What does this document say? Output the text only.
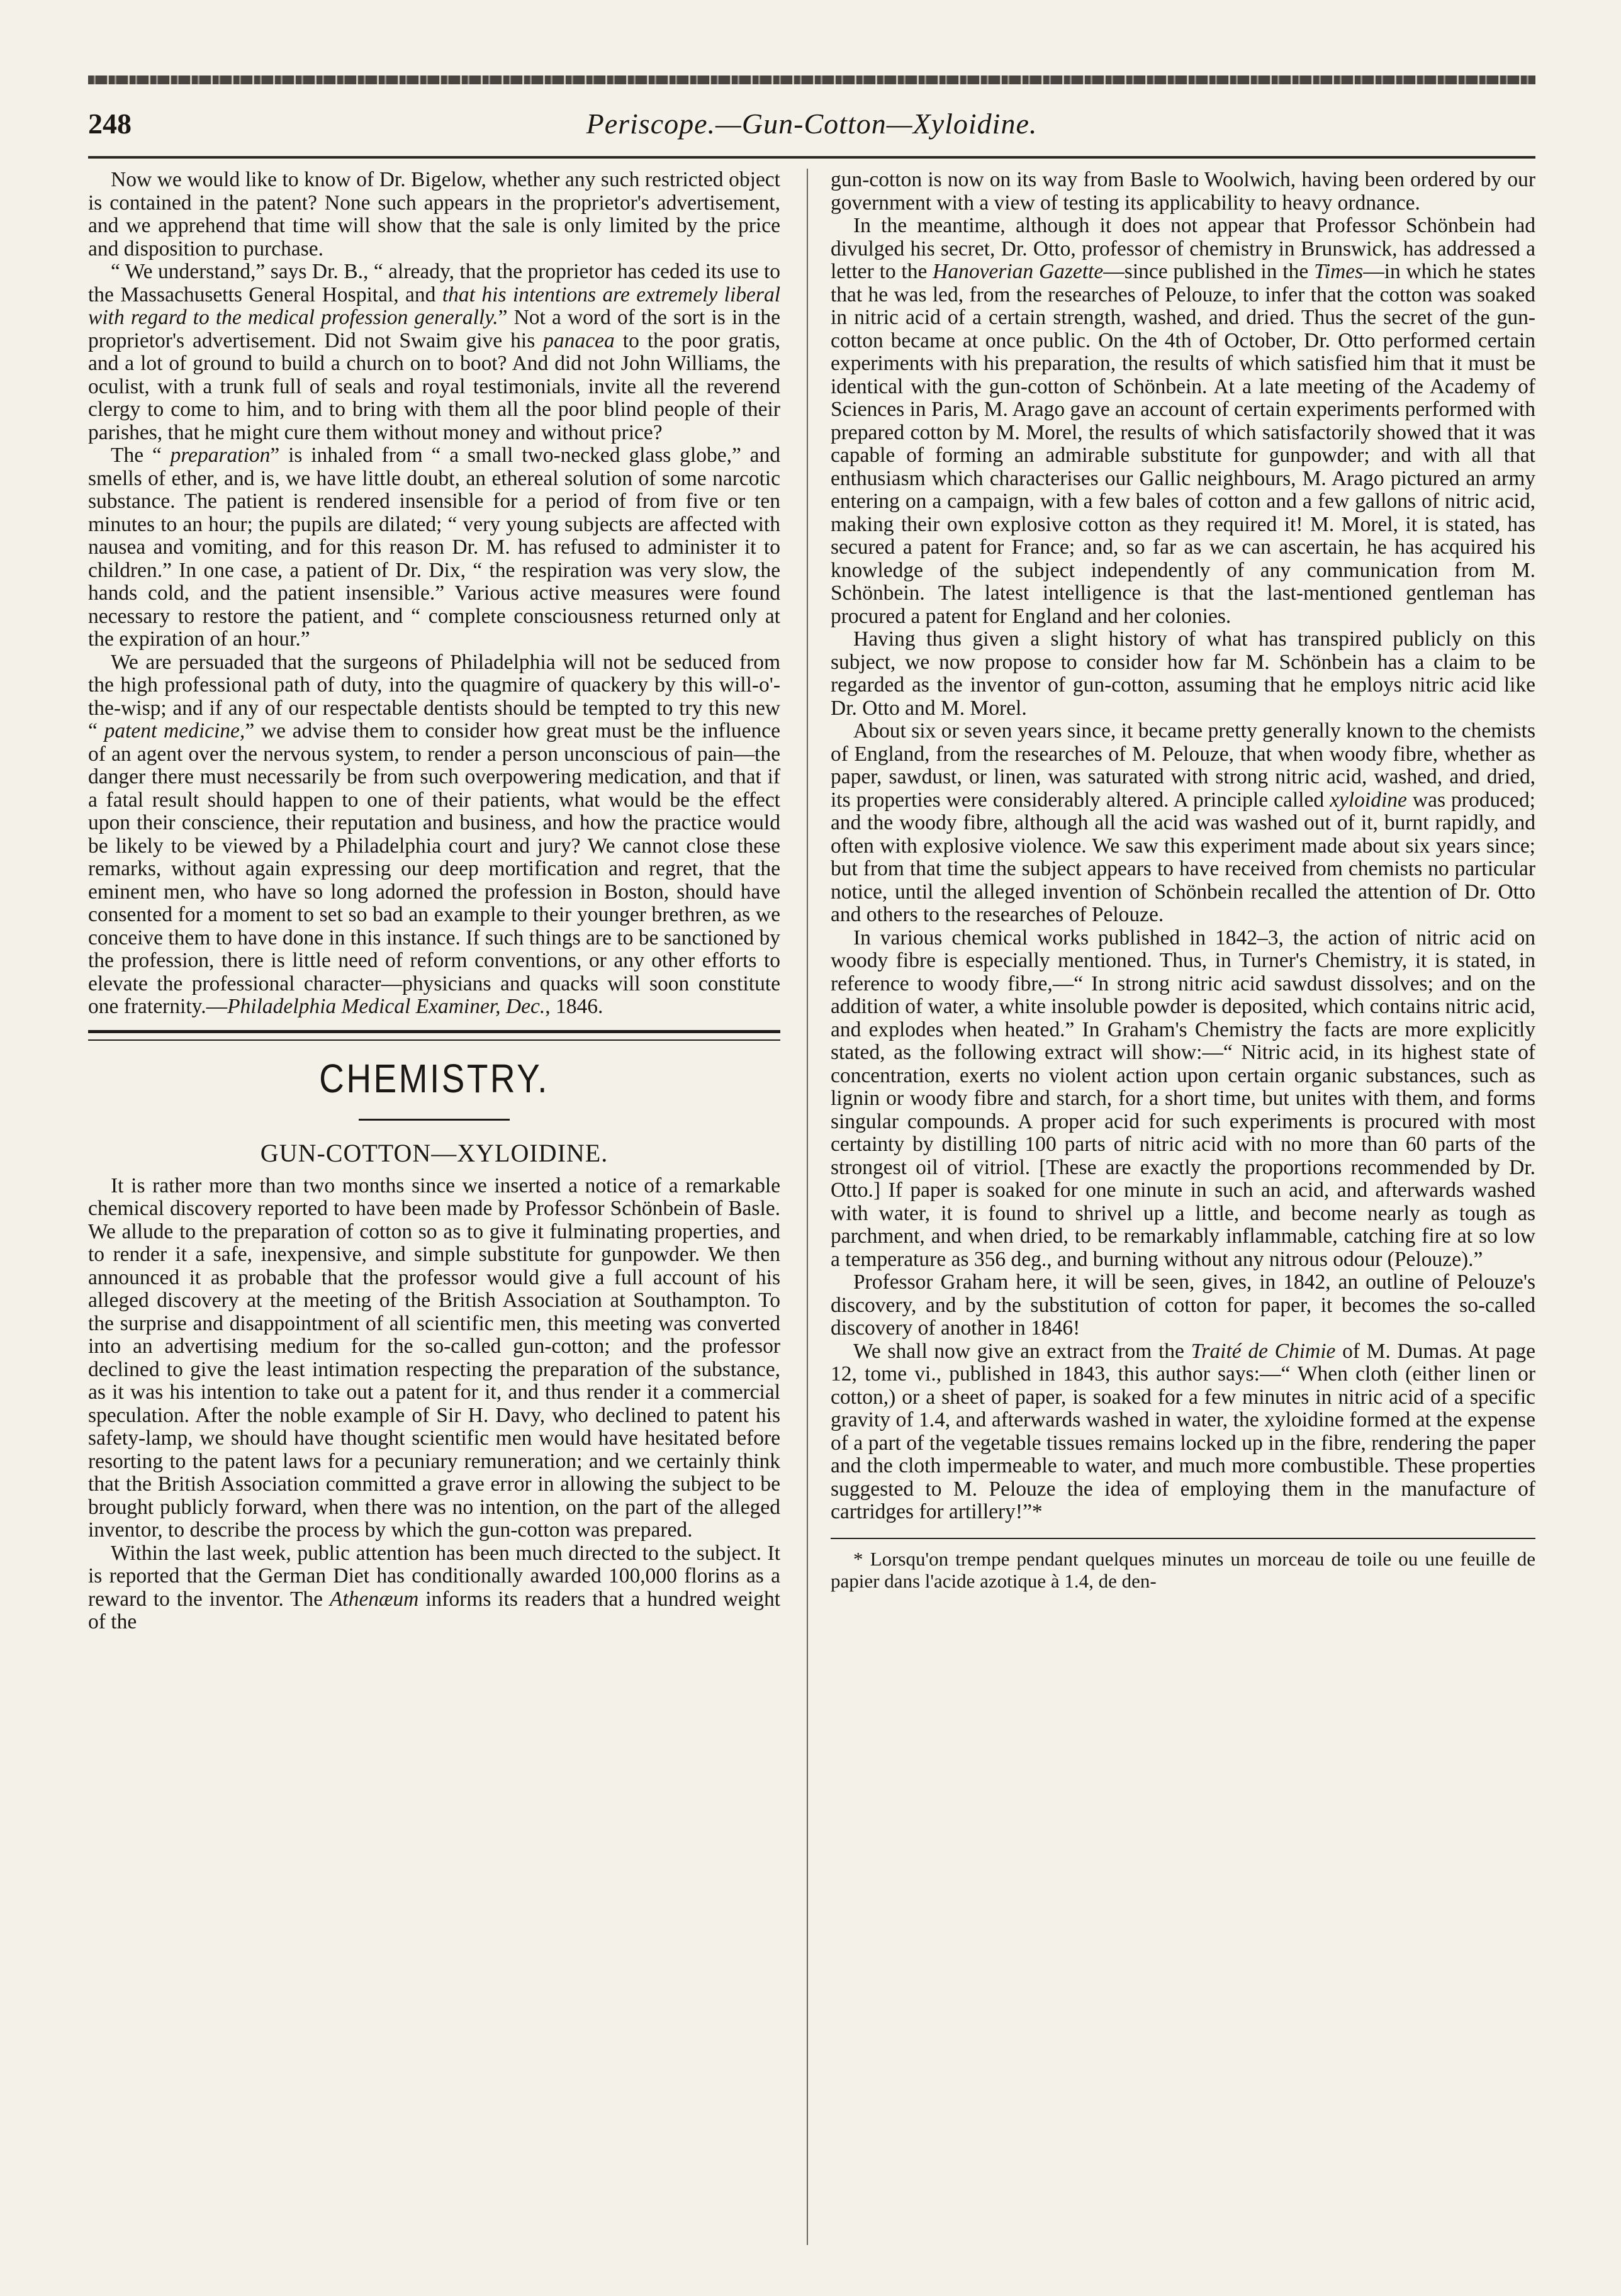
248	Periscope.—Gun-Cotton—Xyloidine.

Now we would like to know of Dr. Bigelow, whether any such restricted object is contained in the patent? None such appears in the proprietor's advertisement, and we apprehend that time will show that the sale is only limited by the price and disposition to purchase.

“ We understand,” says Dr. B., “ already, that the proprietor has ceded its use to the Massachusetts General Hospital, and that his intentions are extremely liberal with regard to the medical profession generally.” Not a word of the sort is in the proprietor's advertisement. Did not Swaim give his panacea to the poor gratis, and a lot of ground to build a church on to boot? And did not John Williams, the oculist, with a trunk full of seals and royal testimonials, invite all the reverend clergy to come to him, and to bring with them all the poor blind people of their parishes, that he might cure them without money and without price?

The “ preparation” is inhaled from “ a small two-necked glass globe,” and smells of ether, and is, we have little doubt, an ethereal solution of some narcotic substance. The patient is rendered insensible for a period of from five or ten minutes to an hour; the pupils are dilated; “ very young subjects are affected with nausea and vomiting, and for this reason Dr. M. has refused to administer it to children.” In one case, a patient of Dr. Dix, “ the respiration was very slow, the hands cold, and the patient insensible.” Various active measures were found necessary to restore the patient, and “ complete consciousness returned only at the expiration of an hour.”

We are persuaded that the surgeons of Philadelphia will not be seduced from the high professional path of duty, into the quagmire of quackery by this will-o'-the-wisp; and if any of our respectable dentists should be tempted to try this new “ patent medicine,” we advise them to consider how great must be the influence of an agent over the nervous system, to render a person unconscious of pain—the danger there must necessarily be from such overpowering medication, and that if a fatal result should happen to one of their patients, what would be the effect upon their conscience, their reputation and business, and how the practice would be likely to be viewed by a Philadelphia court and jury? We cannot close these remarks, without again expressing our deep mortification and regret, that the eminent men, who have so long adorned the profession in Boston, should have consented for a moment to set so bad an example to their younger brethren, as we conceive them to have done in this instance. If such things are to be sanctioned by the profession, there is little need of reform conventions, or any other efforts to elevate the professional character—physicians and quacks will soon constitute one fraternity.—Philadelphia Medical Examiner, Dec., 1846.

CHEMISTRY.
GUN-COTTON—XYLOIDINE.

It is rather more than two months since we inserted a notice of a remarkable chemical discovery reported to have been made by Professor Schönbein of Basle. We allude to the preparation of cotton so as to give it fulminating properties, and to render it a safe, inexpensive, and simple substitute for gunpowder. We then announced it as probable that the professor would give a full account of his alleged discovery at the meeting of the British Association at Southampton. To the surprise and disappointment of all scientific men, this meeting was converted into an advertising medium for the so-called gun-cotton; and the professor declined to give the least intimation respecting the preparation of the substance, as it was his intention to take out a patent for it, and thus render it a commercial speculation. After the noble example of Sir H. Davy, who declined to patent his safety-lamp, we should have thought scientific men would have hesitated before resorting to the patent laws for a pecuniary remuneration; and we certainly think that the British Association committed a grave error in allowing the subject to be brought publicly forward, when there was no intention, on the part of the alleged inventor, to describe the process by which the gun-cotton was prepared.

Within the last week, public attention has been much directed to the subject. It is reported that the German Diet has conditionally awarded 100,000 florins as a reward to the inventor. The Athenæum informs its readers that a hundred weight of the

gun-cotton is now on its way from Basle to Woolwich, having been ordered by our government with a view of testing its applicability to heavy ordnance.

In the meantime, although it does not appear that Professor Schönbein had divulged his secret, Dr. Otto, professor of chemistry in Brunswick, has addressed a letter to the Hanoverian Gazette—since published in the Times—in which he states that he was led, from the researches of Pelouze, to infer that the cotton was soaked in nitric acid of a certain strength, washed, and dried. Thus the secret of the gun-cotton became at once public. On the 4th of October, Dr. Otto performed certain experiments with his preparation, the results of which satisfied him that it must be identical with the gun-cotton of Schönbein. At a late meeting of the Academy of Sciences in Paris, M. Arago gave an account of certain experiments performed with prepared cotton by M. Morel, the results of which satisfactorily showed that it was capable of forming an admirable substitute for gunpowder; and with all that enthusiasm which characterises our Gallic neighbours, M. Arago pictured an army entering on a campaign, with a few bales of cotton and a few gallons of nitric acid, making their own explosive cotton as they required it! M. Morel, it is stated, has secured a patent for France; and, so far as we can ascertain, he has acquired his knowledge of the subject independently of any communication from M. Schönbein. The latest intelligence is that the last-mentioned gentleman has procured a patent for England and her colonies.

Having thus given a slight history of what has transpired publicly on this subject, we now propose to consider how far M. Schönbein has a claim to be regarded as the inventor of gun-cotton, assuming that he employs nitric acid like Dr. Otto and M. Morel.

About six or seven years since, it became pretty generally known to the chemists of England, from the researches of M. Pelouze, that when woody fibre, whether as paper, sawdust, or linen, was saturated with strong nitric acid, washed, and dried, its properties were considerably altered. A principle called xyloidine was produced; and the woody fibre, although all the acid was washed out of it, burnt rapidly, and often with explosive violence. We saw this experiment made about six years since; but from that time the subject appears to have received from chemists no particular notice, until the alleged invention of Schönbein recalled the attention of Dr. Otto and others to the researches of Pelouze.

In various chemical works published in 1842–3, the action of nitric acid on woody fibre is especially mentioned. Thus, in Turner's Chemistry, it is stated, in reference to woody fibre,—“ In strong nitric acid sawdust dissolves; and on the addition of water, a white insoluble powder is deposited, which contains nitric acid, and explodes when heated.” In Graham's Chemistry the facts are more explicitly stated, as the following extract will show:—“ Nitric acid, in its highest state of concentration, exerts no violent action upon certain organic substances, such as lignin or woody fibre and starch, for a short time, but unites with them, and forms singular compounds. A proper acid for such experiments is procured with most certainty by distilling 100 parts of nitric acid with no more than 60 parts of the strongest oil of vitriol. [These are exactly the proportions recommended by Dr. Otto.] If paper is soaked for one minute in such an acid, and afterwards washed with water, it is found to shrivel up a little, and become nearly as tough as parchment, and when dried, to be remarkably inflammable, catching fire at so low a temperature as 356 deg., and burning without any nitrous odour (Pelouze).”

Professor Graham here, it will be seen, gives, in 1842, an outline of Pelouze's discovery, and by the substitution of cotton for paper, it becomes the so-called discovery of another in 1846!

We shall now give an extract from the Traité de Chimie of M. Dumas. At page 12, tome vi., published in 1843, this author says:—“ When cloth (either linen or cotton,) or a sheet of paper, is soaked for a few minutes in nitric acid of a specific gravity of 1.4, and afterwards washed in water, the xyloidine formed at the expense of a part of the vegetable tissues remains locked up in the fibre, rendering the paper and the cloth impermeable to water, and much more combustible. These properties suggested to M. Pelouze the idea of employing them in the manufacture of cartridges for artillery!”*

* Lorsqu'on trempe pendant quelques minutes un morceau de toile ou une feuille de papier dans l'acide azotique à 1.4, de den-
